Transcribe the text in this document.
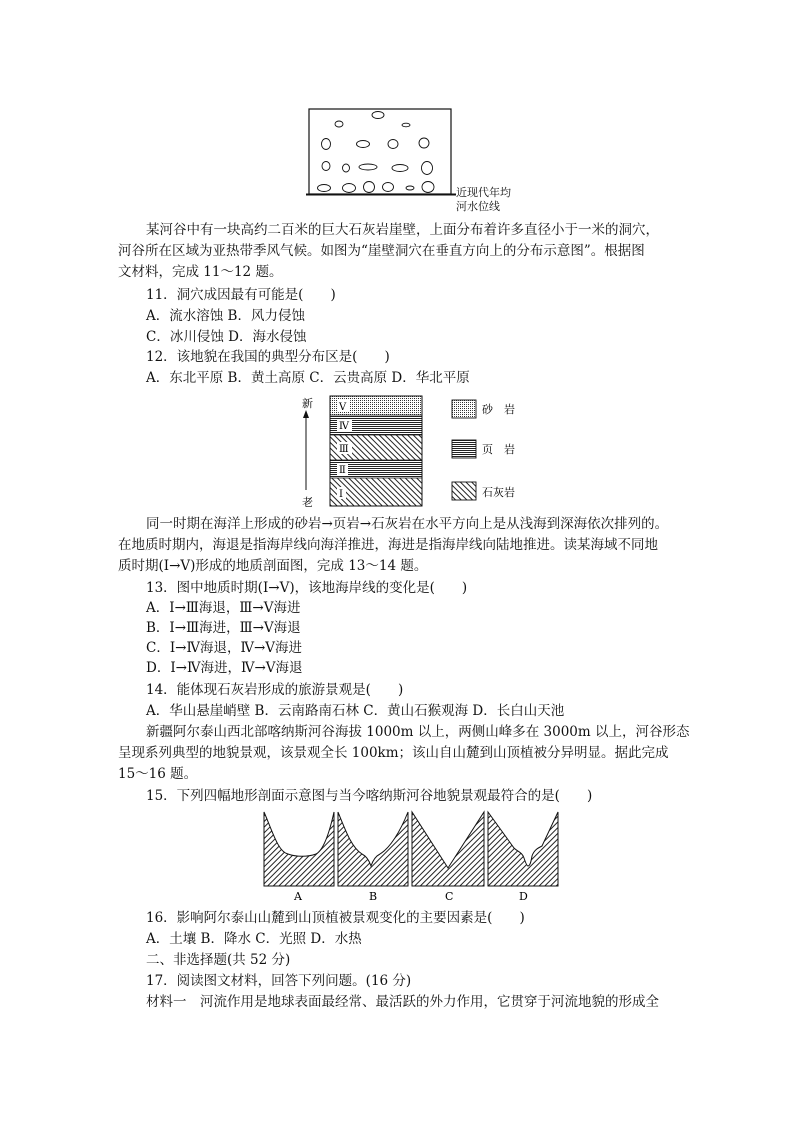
近现代年均
河水位线
某河谷中有一块高约二百米的巨大石灰岩崖壁，上面分布着许多直径小于一米的洞穴，
河谷所在区域为亚热带季风气候。如图为“崖壁洞穴在垂直方向上的分布示意图”。根据图
文材料，完成 11～12 题。
11．洞穴成因最有可能是(　　)
A．流水溶蚀 B．风力侵蚀
C．冰川侵蚀 D．海水侵蚀
12．该地貌在我国的典型分布区是(　　)
A．东北平原 B．黄土高原 C．云贵高原 D．华北平原
新
老
Ⅴ
Ⅳ
Ⅲ
Ⅱ
Ⅰ
砂　岩
页　岩
石灰岩
同一时期在海洋上形成的砂岩→页岩→石灰岩在水平方向上是从浅海到深海依次排列的。
在地质时期内，海退是指海岸线向海洋推进，海进是指海岸线向陆地推进。读某海域不同地
质时期(Ⅰ→Ⅴ)形成的地质剖面图，完成 13～14 题。
13．图中地质时期(Ⅰ→Ⅴ)，该地海岸线的变化是(　　)
A．Ⅰ→Ⅲ海退，Ⅲ→Ⅴ海进
B．Ⅰ→Ⅲ海进，Ⅲ→Ⅴ海退
C．Ⅰ→Ⅳ海退，Ⅳ→Ⅴ海进
D．Ⅰ→Ⅳ海进，Ⅳ→Ⅴ海退
14．能体现石灰岩形成的旅游景观是(　　)
A．华山悬崖峭壁 B．云南路南石林 C．黄山石猴观海 D．长白山天池
新疆阿尔泰山西北部喀纳斯河谷海拔 1000m 以上，两侧山峰多在 3000m 以上，河谷形态
呈现系列典型的地貌景观，该景观全长 100km；该山自山麓到山顶植被分异明显。据此完成
15～16 题。
15．下列四幅地形剖面示意图与当今喀纳斯河谷地貌景观最符合的是(　　)
A	B	C	D
16．影响阿尔泰山山麓到山顶植被景观变化的主要因素是(　　)
A．土壤 B．降水 C．光照 D．水热
二、非选择题(共 52 分)
17．阅读图文材料，回答下列问题。(16 分)
材料一　河流作用是地球表面最经常、最活跃的外力作用，它贯穿于河流地貌的形成全
